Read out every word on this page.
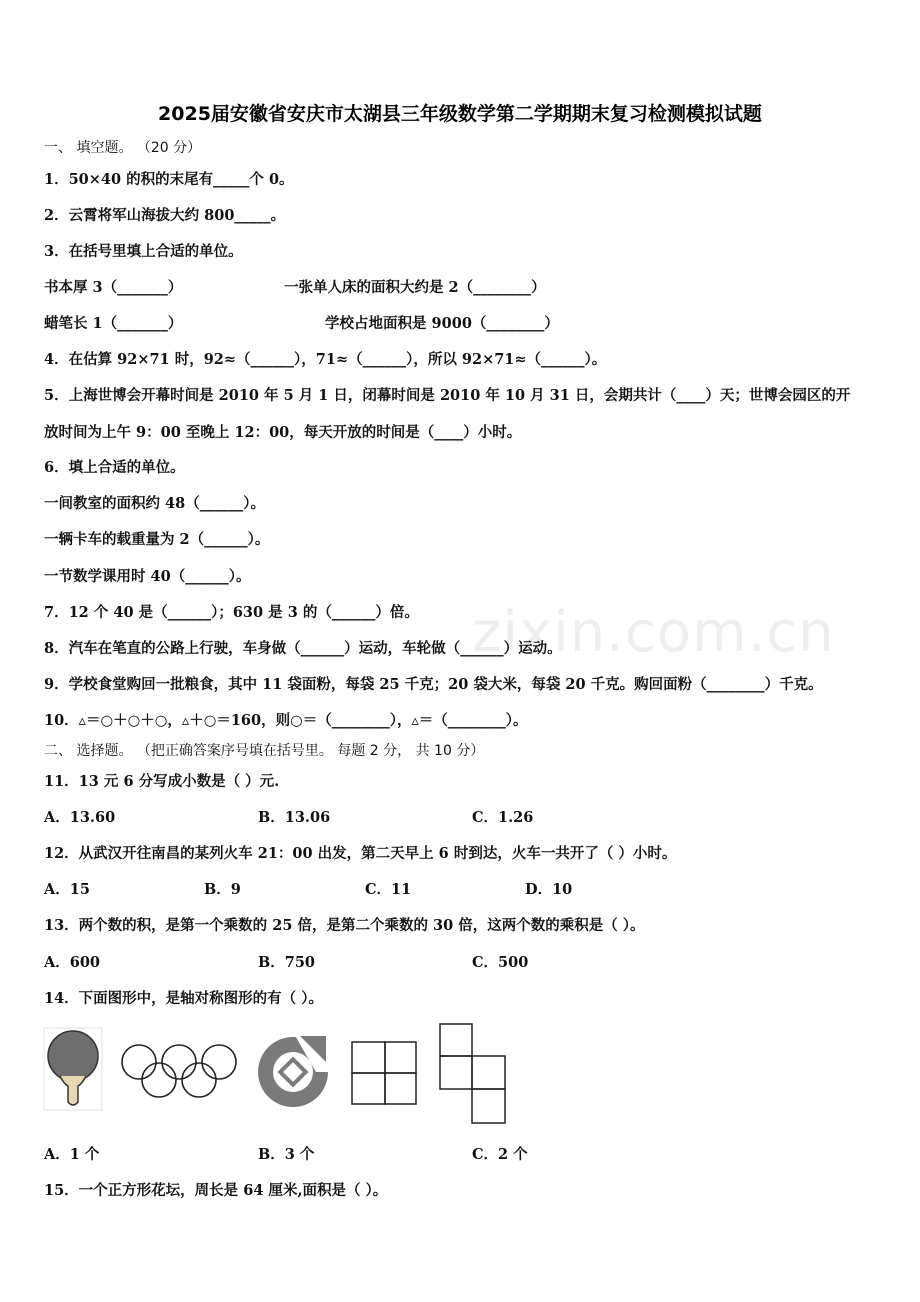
zixin.com.cn
2025届安徽省安庆市太湖县三年级数学第二学期期末复习检测模拟试题
一、 填空题。 （20 分）
1．50×40 的积的末尾有_____个 0。
2．云霄将军山海拔大约 800_____。
3．在括号里填上合适的单位。
书本厚 3（_______）	一张单人床的面积大约是 2（________）
蜡笔长 1（_______）	学校占地面积是 9000（________）
4．在估算 92×71 时，92≈（______），71≈（______），所以 92×71≈（______）。
5．上海世博会开幕时间是 2010 年 5 月 1 日，闭幕时间是 2010 年 10 月 31 日，会期共计（____）天；世博会园区的开
放时间为上午 9：00 至晚上 12：00，每天开放的时间是（____）小时。
6．填上合适的单位。
一间教室的面积约 48（______）。
一辆卡车的载重量为 2（______）。
一节数学课用时 40（______）。
7．12 个 40 是（______）；630 是 3 的（______）倍。
8．汽车在笔直的公路上行驶，车身做（______）运动，车轮做（______）运动。
9．学校食堂购回一批粮食，其中 11 袋面粉，每袋 25 千克；20 袋大米，每袋 20 千克。购回面粉（________）千克。
10．▵＝○＋○＋○，▵＋○＝160，则○＝（________），▵＝（________）。
二、 选择题。 （把正确答案序号填在括号里。 每题 2 分， 共 10 分）
11．13 元 6 分写成小数是（ ）元.
A．13.60	B．13.06	C．1.26
12．从武汉开往南昌的某列火车 21：00 出发，第二天早上 6 时到达，火车一共开了（ ）小时。
A．15	B．9	C．11	D．10
13．两个数的积，是第一个乘数的 25 倍，是第二个乘数的 30 倍，这两个数的乘积是（ ）。
A．600	B．750	C．500
14．下面图形中，是轴对称图形的有（ ）。
A．1 个	B．3 个	C．2 个
15．一个正方形花坛，周长是 64 厘米,面积是（ ）。
